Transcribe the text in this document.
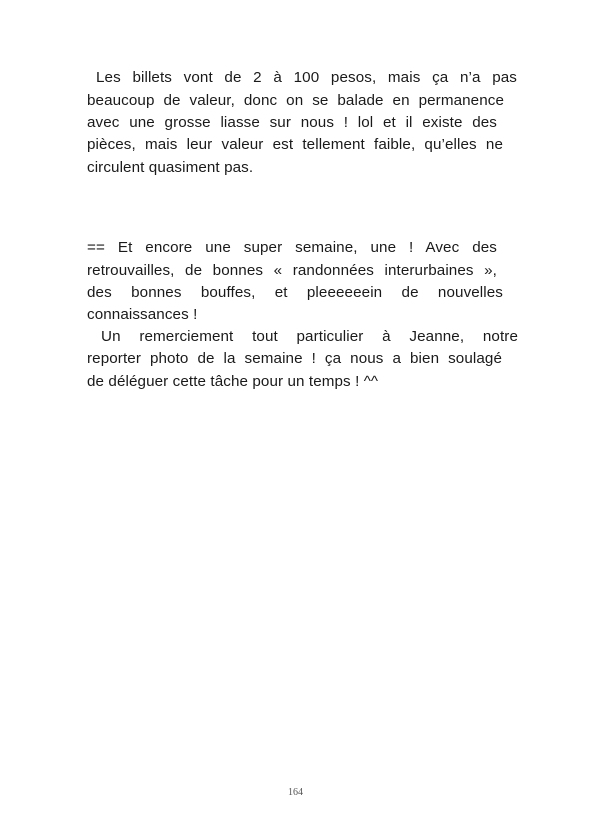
Les billets vont de 2 à 100 pesos, mais ça n’a pas
beaucoup de valeur, donc on se balade en permanence
avec une grosse liasse sur nous ! lol et il existe des
pièces, mais leur valeur est tellement faible, qu’elles ne
circulent quasiment pas.
== Et encore une super semaine, une ! Avec des
retrouvailles, de bonnes « randonnées interurbaines »,
des bonnes bouffes, et pleeeeeein de nouvelles
connaissances !
Un remerciement tout particulier à Jeanne, notre
reporter photo de la semaine ! ça nous a bien soulagé
de déléguer cette tâche pour un temps ! ^^
164
